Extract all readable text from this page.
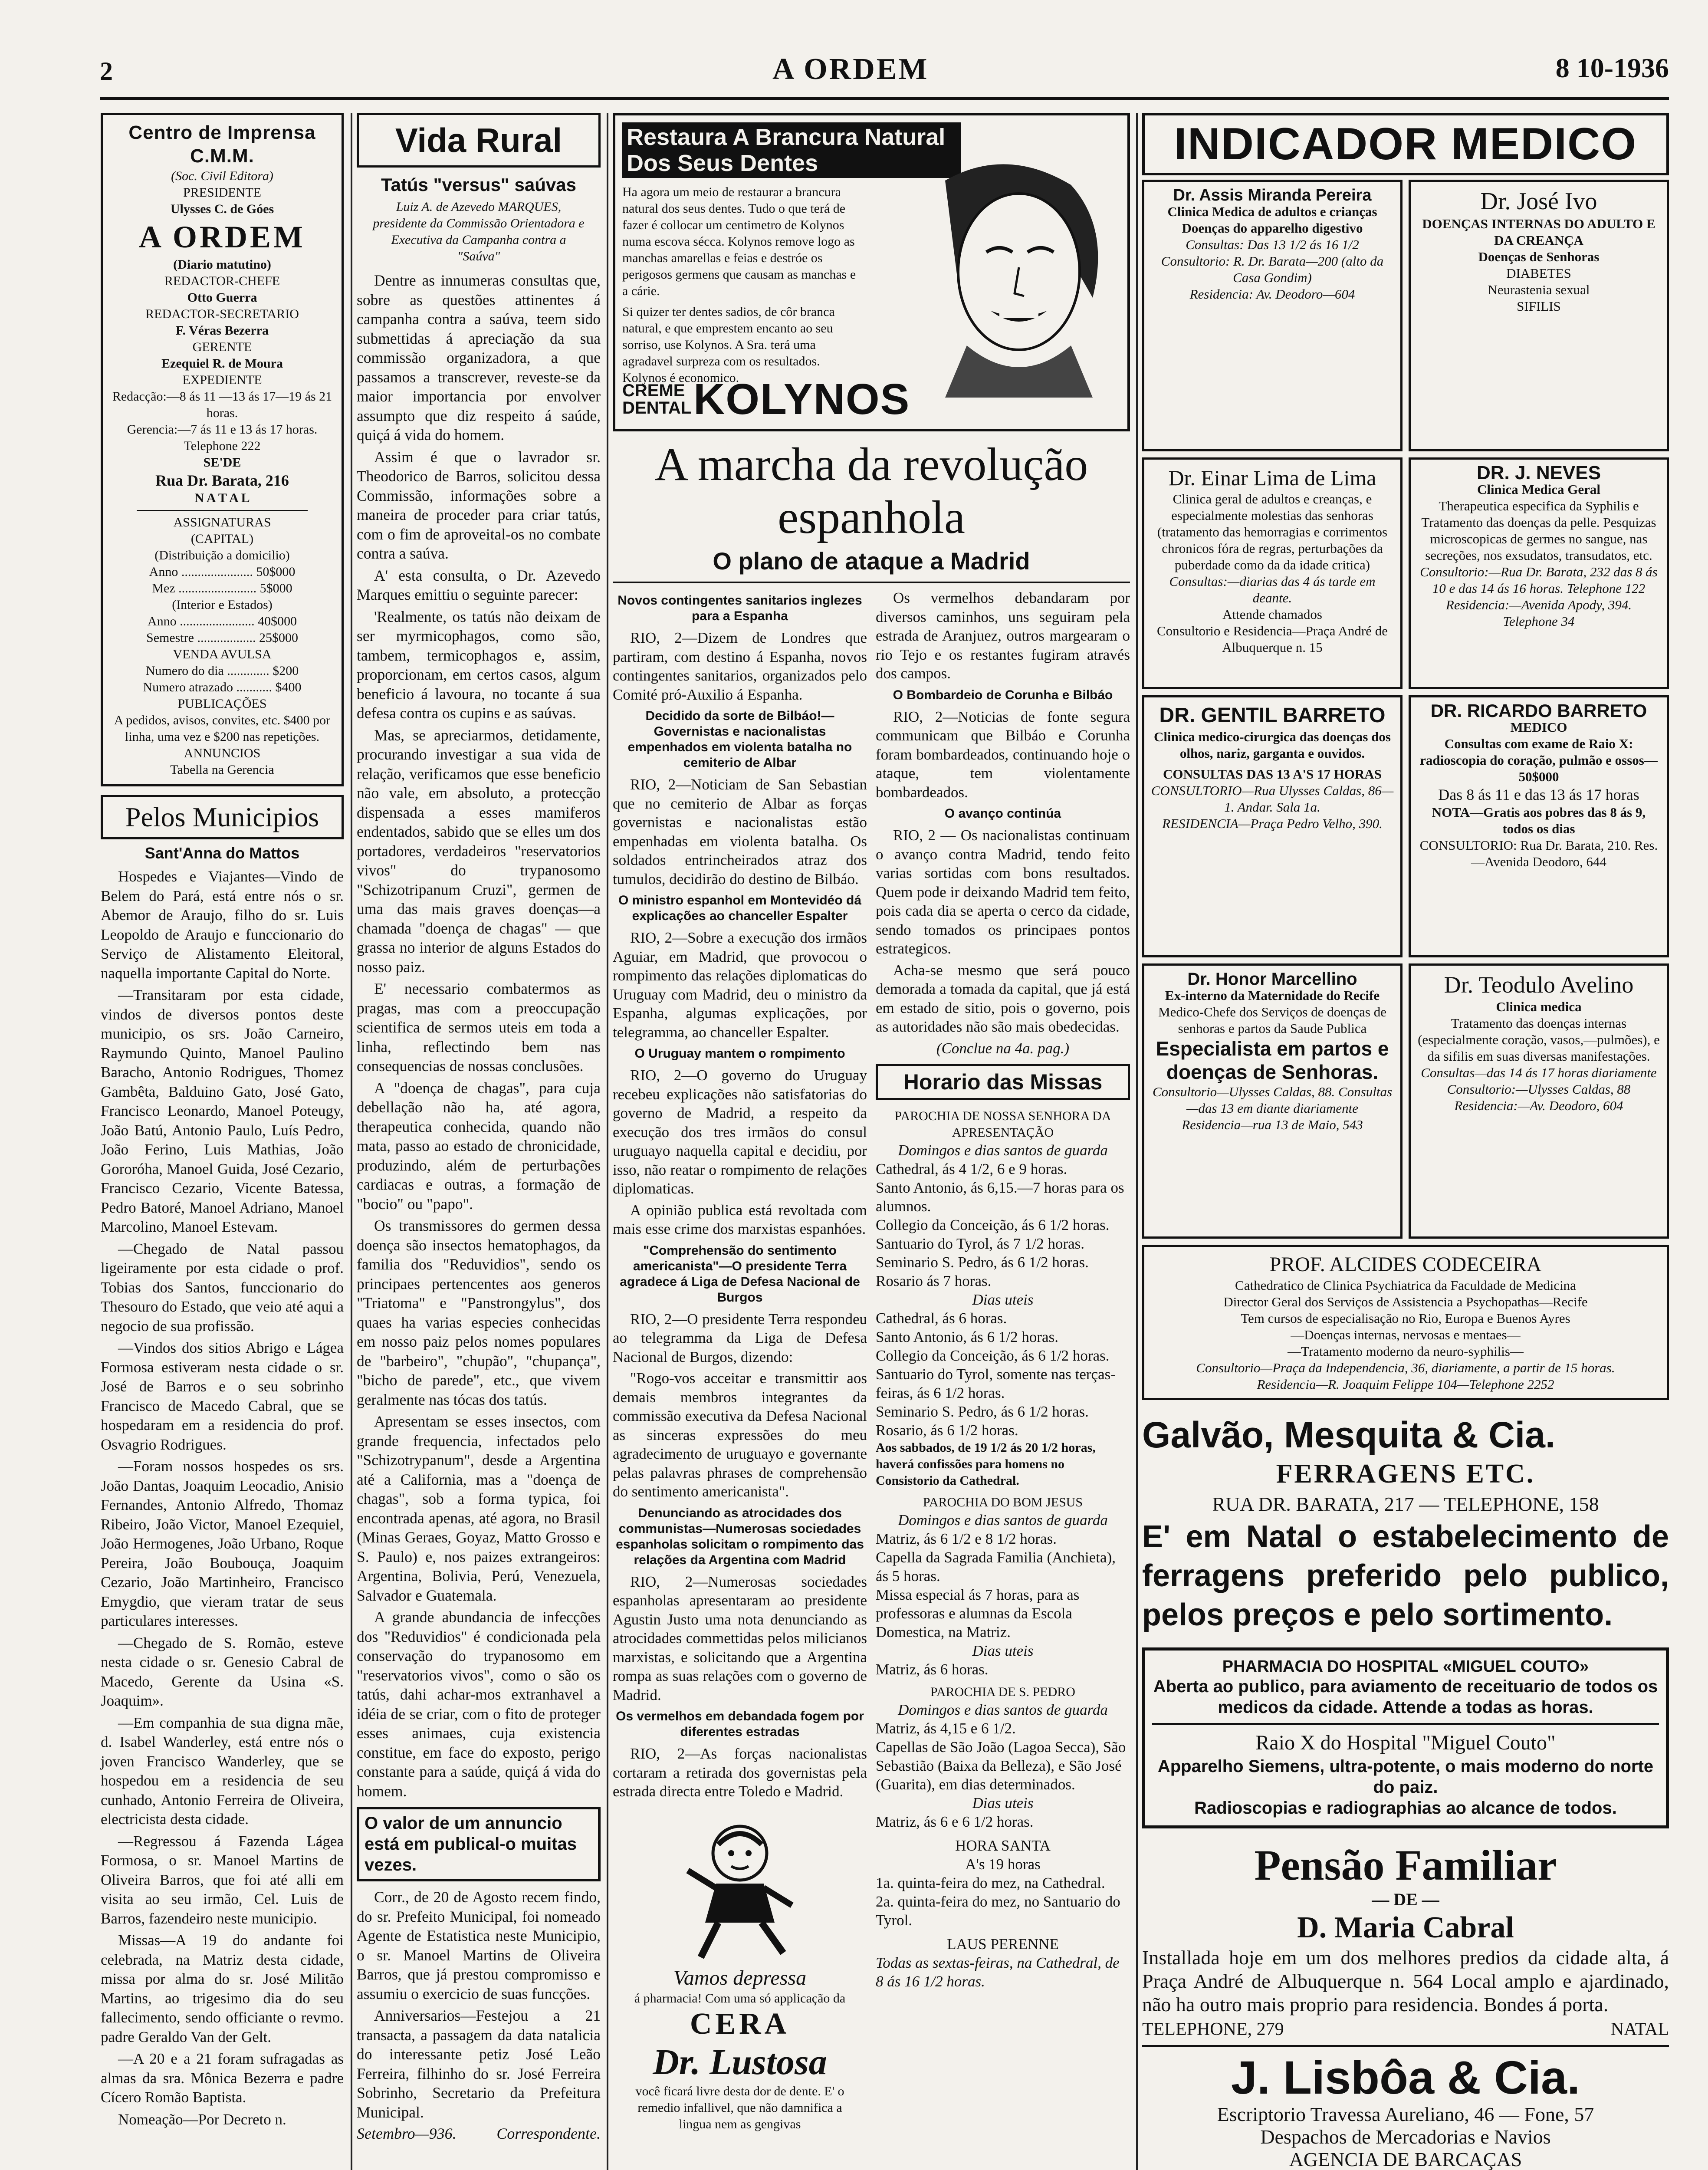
2	A ORDEM	8 10-1936
Centro de Imprensa C.M.M.
(Soc. Civil Editora)
PRESIDENTE
Ulysses C. de Góes
A ORDEM
(Diario matutino)
REDACTOR-CHEFE
Otto Guerra
REDACTOR-SECRETARIO
F. Véras Bezerra
GERENTE
Ezequiel R. de Moura
EXPEDIENTE
Redacção:—8 ás 11 —13 ás 17—19 ás 21 horas.
Gerencia:—7 ás 11 e 13 ás 17 horas.
Telephone 222
SE'DE
Rua Dr. Barata, 216
N A T A L
ASSIGNATURAS
(CAPITAL)
(Distribuição a domicilio)
Anno ...................... 50$000
Mez ........................ 5$000
(Interior e Estados)
Anno ....................... 40$000
Semestre .................. 25$000
VENDA AVULSA
Numero do dia ............. $200
Numero atrazado ........... $400
PUBLICAÇÕES
A pedidos, avisos, convites, etc. $400 por linha, uma vez e $200 nas repetições.
ANNUNCIOS
Tabella na Gerencia
Pelos Municipios
Sant'Anna do Mattos

Hospedes e Viajantes—Vindo de Belem do Pará, está entre nós o sr. Abemor de Araujo, filho do sr. Luis Leopoldo de Araujo e funccionario do Serviço de Alistamento Eleitoral, naquella importante Capital do Norte.

—Transitaram por esta cidade, vindos de diversos pontos deste municipio, os srs. João Carneiro, Raymundo Quinto, Manoel Paulino Baracho, Antonio Rodrigues, Thomez Gambêta, Balduino Gato, José Gato, Francisco Leonardo, Manoel Poteugy, João Batú, Antonio Paulo, Luís Pedro, João Ferino, Luis Mathias, João Gororóha, Manoel Guida, José Cezario, Francisco Cezario, Vicente Batessa, Pedro Batoré, Manoel Adriano, Manoel Marcolino, Manoel Estevam.

—Chegado de Natal passou ligeiramente por esta cidade o prof. Tobias dos Santos, funccionario do Thesouro do Estado, que veio até aqui a negocio de sua profissão.

—Vindos dos sitios Abrigo e Lágea Formosa estiveram nesta cidade o sr. José de Barros e o seu sobrinho Francisco de Macedo Cabral, que se hospedaram em a residencia do prof. Osvagrio Rodrigues.

—Foram nossos hospedes os srs. João Dantas, Joaquim Leocadio, Anisio Fernandes, Antonio Alfredo, Thomaz Ribeiro, João Victor, Manoel Ezequiel, João Hermogenes, João Urbano, Roque Pereira, João Boubouça, Joaquim Cezario, João Martinheiro, Francisco Emygdio, que vieram tratar de seus particulares interesses.

—Chegado de S. Romão, esteve nesta cidade o sr. Genesio Cabral de Macedo, Gerente da Usina «S. Joaquim».

—Em companhia de sua digna mãe, d. Isabel Wanderley, está entre nós o joven Francisco Wanderley, que se hospedou em a residencia de seu cunhado, Antonio Ferreira de Oliveira, electricista desta cidade.

—Regressou á Fazenda Lágea Formosa, o sr. Manoel Martins de Oliveira Barros, que foi até alli em visita ao seu irmão, Cel. Luis de Barros, fazendeiro neste municipio.

Missas—A 19 do andante foi celebrada, na Matriz desta cidade, missa por alma do sr. José Militão Martins, ao trigesimo dia do seu fallecimento, sendo officiante o revmo. padre Geraldo Van der Gelt.

—A 20 e a 21 foram sufragadas as almas da sra. Mônica Bezerra e padre Cícero Romão Baptista.

Nomeação—Por Decreto n.

Vida Rural
Tatús "versus" saúvas
Luiz A. de Azevedo MARQUES, presidente da Commissão Orientadora e Executiva da Campanha contra a "Saúva"

Dentre as innumeras consultas que, sobre as questões attinentes á campanha contra a saúva, teem sido submettidas á apreciação da sua commissão organizadora, a que passamos a transcrever, reveste-se da maior importancia por envolver assumpto que diz respeito á saúde, quiçá á vida do homem.

Assim é que o lavrador sr. Theodorico de Barros, solicitou dessa Commissão, informações sobre a maneira de proceder para criar tatús, com o fim de aproveital-os no combate contra a saúva.

A' esta consulta, o Dr. Azevedo Marques emittiu o seguinte parecer:

'Realmente, os tatús não deixam de ser myrmicophagos, como são, tambem, termicophagos e, assim, proporcionam, em certos casos, algum beneficio á lavoura, no tocante á sua defesa contra os cupins e as saúvas.

Mas, se apreciarmos, detidamente, procurando investigar a sua vida de relação, verificamos que esse beneficio não vale, em absoluto, a protecção dispensada a esses mamiferos endentados, sabido que se elles um dos portadores, verdadeiros "reservatorios vivos" do trypanosomo "Schizotripanum Cruzi", germen de uma das mais graves doenças—a chamada "doença de chagas" — que grassa no interior de alguns Estados do nosso paiz.

E' necessario combatermos as pragas, mas com a preoccupação scientifica de sermos uteis em toda a linha, reflectindo bem nas consequencias de nossas conclusões.

A "doença de chagas", para cuja debellação não ha, até agora, therapeutica conhecida, quando não mata, passo ao estado de chronicidade, produzindo, além de perturbações cardiacas e outras, a formação de "bocio" ou "papo".

Os transmissores do germen dessa doença são insectos hematophagos, da familia dos "Reduvidios", sendo os principaes pertencentes aos generos "Triatoma" e "Panstrongylus", dos quaes ha varias especies conhecidas em nosso paiz pelos nomes populares de "barbeiro", "chupão", "chupança", "bicho de parede", etc., que vivem geralmente nas tócas dos tatús.

Apresentam se esses insectos, com grande frequencia, infectados pelo "Schizotrypanum", desde a Argentina até a California, mas a "doença de chagas", sob a forma typica, foi encontrada apenas, até agora, no Brasil (Minas Geraes, Goyaz, Matto Grosso e S. Paulo) e, nos paizes extrangeiros: Argentina, Bolivia, Perú, Venezuela, Salvador e Guatemala.

A grande abundancia de infecções dos "Reduvidios" é condicionada pela conservação do trypanosomo em "reservatorios vivos", como o são os tatús, dahi achar-mos extranhavel a idéia de se criar, com o fito de proteger esses animaes, cuja existencia constitue, em face do exposto, perigo constante para a saúde, quiçá á vida do homem.

O valor de um annuncio está em publical-o muitas vezes.

Corr., de 20 de Agosto recem findo, do sr. Prefeito Municipal, foi nomeado Agente de Estatistica neste Municipio, o sr. Manoel Martins de Oliveira Barros, que já prestou compromisso e assumiu o exercicio de suas funcções.

Anniversarios—Festejou a 21 transacta, a passagem da data natalicia do interessante petiz José Leão Ferreira, filhinho do sr. José Ferreira Sobrinho, Secretario da Prefeitura Municipal.

Setembro—936.	Correspondente.
Restaura A Brancura Natural Dos Seus Dentes
Ha agora um meio de restaurar a brancura natural dos seus dentes. Tudo o que terá de fazer é collocar um centimetro de Kolynos numa escova sécca. Kolynos remove logo as manchas amarellas e feias e destróe os perigosos germens que causam as manchas e a cárie.
Si quizer ter dentes sadios, de côr branca natural, e que emprestem encanto ao seu sorriso, use Kolynos. A Sra. terá uma agradavel surpreza com os resultados.
Kolynos é economico.
CREME DENTAL KOLYNOS
A marcha da revolução espanhola
O plano de ataque a Madrid
Novos contingentes sanitarios inglezes para a Espanha

RIO, 2—Dizem de Londres que partiram, com destino á Espanha, novos contingentes sanitarios, organizados pelo Comité pró-Auxilio á Espanha.

Decidido da sorte de Bilbáo!—Governistas e nacionalistas empenhados em violenta batalha no cemiterio de Albar

RIO, 2—Noticiam de San Sebastian que no cemiterio de Albar as forças governistas e nacionalistas estão empenhadas em violenta batalha. Os soldados entrincheirados atraz dos tumulos, decidirão do destino de Bilbáo.

O ministro espanhol em Montevidéo dá explicações ao chanceller Espalter

RIO, 2—Sobre a execução dos irmãos Aguiar, em Madrid, que provocou o rompimento das relações diplomaticas do Uruguay com Madrid, deu o ministro da Espanha, algumas explicações, por telegramma, ao chanceller Espalter.

O Uruguay mantem o rompimento

RIO, 2—O governo do Uruguay recebeu explicações não satisfatorias do governo de Madrid, a respeito da execução dos tres irmãos do consul uruguayo naquella capital e decidiu, por isso, não reatar o rompimento de relações diplomaticas.

A opinião publica está revoltada com mais esse crime dos marxistas espanhóes.

"Comprehensão do sentimento americanista"—O presidente Terra agradece á Liga de Defesa Nacional de Burgos

RIO, 2—O presidente Terra respondeu ao telegramma da Liga de Defesa Nacional de Burgos, dizendo:

"Rogo-vos acceitar e transmittir aos demais membros integrantes da commissão executiva da Defesa Nacional as sinceras expressões do meu agradecimento de uruguayo e governante pelas palavras phrases de comprehensão do sentimento americanista".

Denunciando as atrocidades dos communistas—Numerosas sociedades espanholas solicitam o rompimento das relações da Argentina com Madrid

RIO, 2—Numerosas sociedades espanholas apresentaram ao presidente Agustin Justo uma nota denunciando as atrocidades commettidas pelos milicianos marxistas, e solicitando que a Argentina rompa as suas relações com o governo de Madrid.

Os vermelhos em debandada fogem por diferentes estradas

RIO, 2—As forças nacionalistas cortaram a retirada dos governistas pela estrada directa entre Toledo e Madrid.

Vamos depressa
á pharmacia! Com uma só applicação da
CERA
Dr. Lustosa
você ficará livre desta dor de dente. E' o remedio infallivel, que não damnifica a lingua nem as gengivas

Os vermelhos debandaram por diversos caminhos, uns seguiram pela estrada de Aranjuez, outros margearam o rio Tejo e os restantes fugiram através dos campos.

O Bombardeio de Corunha e Bilbáo

RIO, 2—Noticias de fonte segura communicam que Bilbáo e Corunha foram bombardeados, continuando hoje o ataque, tem violentamente bombardeados.

O avanço continúa

RIO, 2 — Os nacionalistas continuam o avanço contra Madrid, tendo feito varias sortidas com bons resultados. Quem pode ir deixando Madrid tem feito, pois cada dia se aperta o cerco da cidade, sendo tomados os principaes pontos estrategicos.

Acha-se mesmo que será pouco demorada a tomada da capital, que já está em estado de sitio, pois o governo, pois as autoridades não são mais obedecidas.

(Conclue na 4a. pag.)
Horario das Missas
PAROCHIA DE NOSSA SENHORA DA APRESENTAÇÃO
Domingos e dias santos de guarda
Cathedral, ás 4 1/2, 6 e 9 horas.
Santo Antonio, ás 6,15.—7 horas para os alumnos.
Collegio da Conceição, ás 6 1/2 horas.
Santuario do Tyrol, ás 7 1/2 horas.
Seminario S. Pedro, ás 6 1/2 horas.
Rosario ás 7 horas.
Dias uteis
Cathedral, ás 6 horas.
Santo Antonio, ás 6 1/2 horas.
Collegio da Conceição, ás 6 1/2 horas.
Santuario do Tyrol, somente nas terças-feiras, ás 6 1/2 horas.
Seminario S. Pedro, ás 6 1/2 horas.
Rosario, ás 6 1/2 horas.
Aos sabbados, de 19 1/2 ás 20 1/2 horas, haverá confissões para homens no Consistorio da Cathedral.
PAROCHIA DO BOM JESUS
Domingos e dias santos de guarda
Matriz, ás 6 1/2 e 8 1/2 horas.
Capella da Sagrada Familia (Anchieta), ás 5 horas.
Missa especial ás 7 horas, para as professoras e alumnas da Escola Domestica, na Matriz.
Dias uteis
Matriz, ás 6 horas.
PAROCHIA DE S. PEDRO
Domingos e dias santos de guarda
Matriz, ás 4,15 e 6 1/2.
Capellas de São João (Lagoa Secca), São Sebastião (Baixa da Belleza), e São José (Guarita), em dias determinados.
Dias uteis
Matriz, ás 6 e 6 1/2 horas.
HORA SANTA
A's 19 horas
1a. quinta-feira do mez, na Cathedral.
2a. quinta-feira do mez, no Santuario do Tyrol.
LAUS PERENNE
Todas as sextas-feiras, na Cathedral, de 8 ás 16 1/2 horas.
INDICADOR MEDICO
Dr. Assis Miranda Pereira
Clinica Medica de adultos e crianças
Doenças do apparelho digestivo
Consultas: Das 13 1/2 ás 16 1/2
Consultorio: R. Dr. Barata—200 (alto da Casa Gondim)
Residencia: Av. Deodoro—604
Dr. José Ivo
DOENÇAS INTERNAS DO ADULTO E DA CREANÇA
Doenças de Senhoras
DIABETES
Neurastenia sexual
SIFILIS
Dr. Einar Lima de Lima
Clinica geral de adultos e creanças, e especialmente molestias das senhoras (tratamento das hemorragias e corrimentos chronicos fóra de regras, perturbações da puberdade como da da idade critica)
Consultas:—diarias das 4 ás tarde em deante.
Attende chamados
Consultorio e Residencia—Praça André de Albuquerque n. 15
DR. J. NEVES
Clinica Medica Geral
Therapeutica especifica da Syphilis e Tratamento das doenças da pelle. Pesquizas microscopicas de germes no sangue, nas secreções, nos exsudatos, transudatos, etc.
Consultorio:—Rua Dr. Barata, 232 das 8 ás 10 e das 14 ás 16 horas. Telephone 122
Residencia:—Avenida Apody, 394. Telephone 34
DR. GENTIL BARRETO
Clinica medico-cirurgica das doenças dos olhos, nariz, garganta e ouvidos.
CONSULTAS DAS 13 A'S 17 HORAS
CONSULTORIO—Rua Ulysses Caldas, 86—1. Andar. Sala 1a.
RESIDENCIA—Praça Pedro Velho, 390.
DR. RICARDO BARRETO
MEDICO
Consultas com exame de Raio X: radioscopia do coração, pulmão e ossos—50$000
Das 8 ás 11 e das 13 ás 17 horas
NOTA—Gratis aos pobres das 8 ás 9, todos os dias
CONSULTORIO: Rua Dr. Barata, 210. Res.—Avenida Deodoro, 644
Dr. Honor Marcellino
Ex-interno da Maternidade do Recife
Medico-Chefe dos Serviços de doenças de senhoras e partos da Saude Publica
Especialista em partos e doenças de Senhoras.
Consultorio—Ulysses Caldas, 88. Consultas—das 13 em diante diariamente
Residencia—rua 13 de Maio, 543
Dr. Teodulo Avelino
Clinica medica
Tratamento das doenças internas (especialmente coração, vasos,—pulmões), e da sifilis em suas diversas manifestações.
Consultas—das 14 ás 17 horas diariamente
Consultorio:—Ulysses Caldas, 88
Residencia:—Av. Deodoro, 604
PROF. ALCIDES CODECEIRA
Cathedratico de Clinica Psychiatrica da Faculdade de Medicina
Director Geral dos Serviços de Assistencia a Psychopathas—Recife
Tem cursos de especialisação no Rio, Europa e Buenos Ayres
—Doenças internas, nervosas e mentaes—
—Tratamento moderno da neuro-syphilis—
Consultorio—Praça da Independencia, 36, diariamente, a partir de 15 horas.
Residencia—R. Joaquim Felippe 104—Telephone 2252
Galvão, Mesquita & Cia.
FERRAGENS ETC.
RUA DR. BARATA, 217 — TELEPHONE, 158
E' em Natal o estabelecimento de ferragens preferido pelo publico, pelos preços e pelo sortimento.
PHARMACIA DO HOSPITAL «MIGUEL COUTO»
Aberta ao publico, para aviamento de receituario de todos os medicos da cidade. Attende a todas as horas.
Raio X do Hospital "Miguel Couto"
Apparelho Siemens, ultra-potente, o mais moderno do norte do paiz.
Radioscopias e radiographias ao alcance de todos.
Pensão Familiar
— DE —
D. Maria Cabral
Installada hoje em um dos melhores predios da cidade alta, á Praça André de Albuquerque n. 564 Local amplo e ajardinado, não ha outro mais proprio para residencia. Bondes á porta.
TELEPHONE, 279	NATAL
J. Lisbôa & Cia.
Escriptorio Travessa Aureliano, 46 — Fone, 57
Despachos de Mercadorias e Navios
AGENCIA DE BARCAÇAS
